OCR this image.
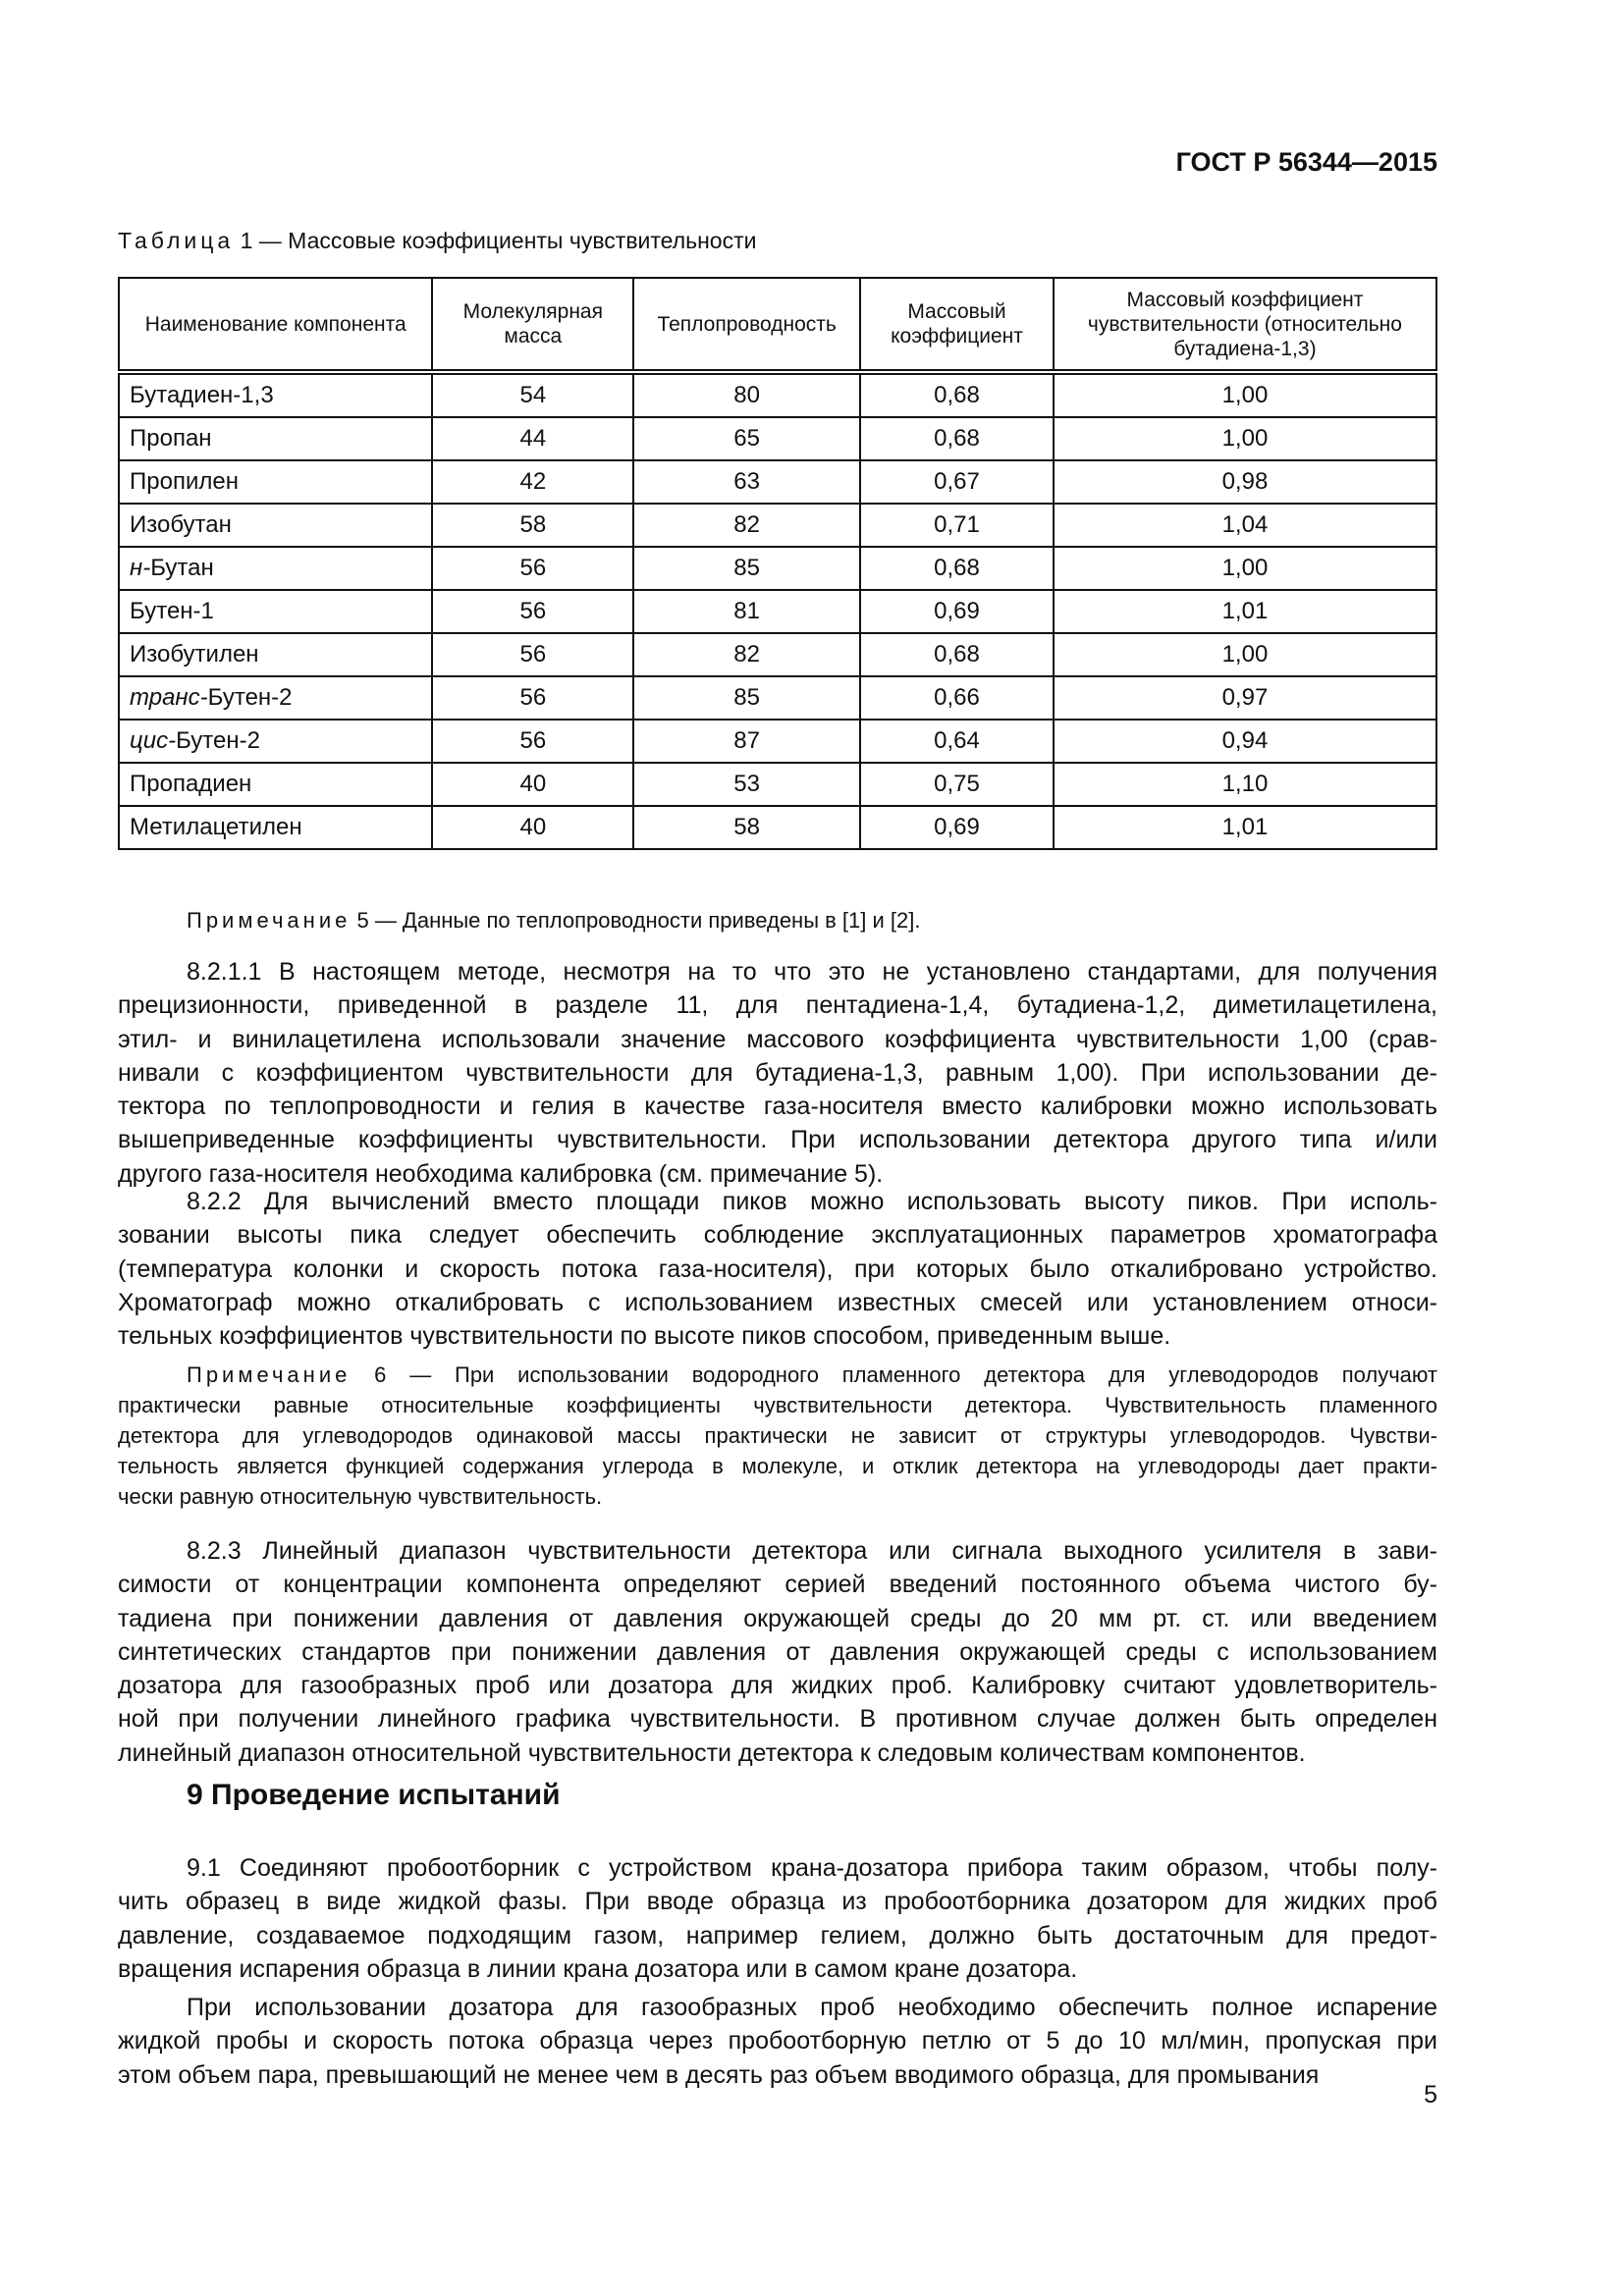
ГОСТ Р 56344—2015
Таблица 1 — Массовые коэффициенты чувствительности
Наименование компонента	Молекулярная масса	Теплопроводность	Массовый коэффициент	Массовый коэффициент чувствительности (относительно бутадиена-1,3)
Бутадиен-1,3	54	80	0,68	1,00
Пропан	44	65	0,68	1,00
Пропилен	42	63	0,67	0,98
Изобутан	58	82	0,71	1,04
н-Бутан	56	85	0,68	1,00
Бутен-1	56	81	0,69	1,01
Изобутилен	56	82	0,68	1,00
транс-Бутен-2	56	85	0,66	0,97
цис-Бутен-2	56	87	0,64	0,94
Пропадиен	40	53	0,75	1,10
Метилацетилен	40	58	0,69	1,01
Примечание 5 — Данные по теплопроводности приведены в [1] и [2].
8.2.1.1 В настоящем методе, несмотря на то что это не установлено стандартами, для получения
прецизионности, приведенной в разделе 11, для пентадиена-1,4, бутадиена-1,2, диметилацетилена,
этил- и винилацетилена использовали значение массового коэффициента чувствительности 1,00 (срав-
нивали с коэффициентом чувствительности для бутадиена-1,3, равным 1,00). При использовании де-
тектора по теплопроводности и гелия в качестве газа-носителя вместо калибровки можно использовать
вышеприведенные коэффициенты чувствительности. При использовании детектора другого типа и/или
другого газа-носителя необходима калибровка (см. примечание 5).
8.2.2 Для вычислений вместо площади пиков можно использовать высоту пиков. При исполь-
зовании высоты пика следует обеспечить соблюдение эксплуатационных параметров хроматографа
(температура колонки и скорость потока газа-носителя), при которых было откалибровано устройство.
Хроматограф можно откалибровать с использованием известных смесей или установлением относи-
тельных коэффициентов чувствительности по высоте пиков способом, приведенным выше.
Примечание 6 — При использовании водородного пламенного детектора для углеводородов получают
практически равные относительные коэффициенты чувствительности детектора. Чувствительность пламенного
детектора для углеводородов одинаковой массы практически не зависит от структуры углеводородов. Чувстви-
тельность является функцией содержания углерода в молекуле, и отклик детектора на углеводороды дает практи-
чески равную относительную чувствительность.
8.2.3 Линейный диапазон чувствительности детектора или сигнала выходного усилителя в зави-
симости от концентрации компонента определяют серией введений постоянного объема чистого бу-
тадиена при понижении давления от давления окружающей среды до 20 мм рт. ст. или введением
синтетических стандартов при понижении давления от давления окружающей среды с использованием
дозатора для газообразных проб или дозатора для жидких проб. Калибровку считают удовлетворитель-
ной при получении линейного графика чувствительности. В противном случае должен быть определен
линейный диапазон относительной чувствительности детектора к следовым количествам компонентов.
9.1 Соединяют пробоотборник с устройством крана-дозатора прибора таким образом, чтобы полу-
чить образец в виде жидкой фазы. При вводе образца из пробоотборника дозатором для жидких проб
давление, создаваемое подходящим газом, например гелием, должно быть достаточным для предот-
вращения испарения образца в линии крана дозатора или в самом кране дозатора.
При использовании дозатора для газообразных проб необходимо обеспечить полное испарение
жидкой пробы и скорость потока образца через пробоотборную петлю от 5 до 10 мл/мин, пропуская при
этом объем пара, превышающий не менее чем в десять раз объем вводимого образца, для промывания
9 Проведение испытаний
5
